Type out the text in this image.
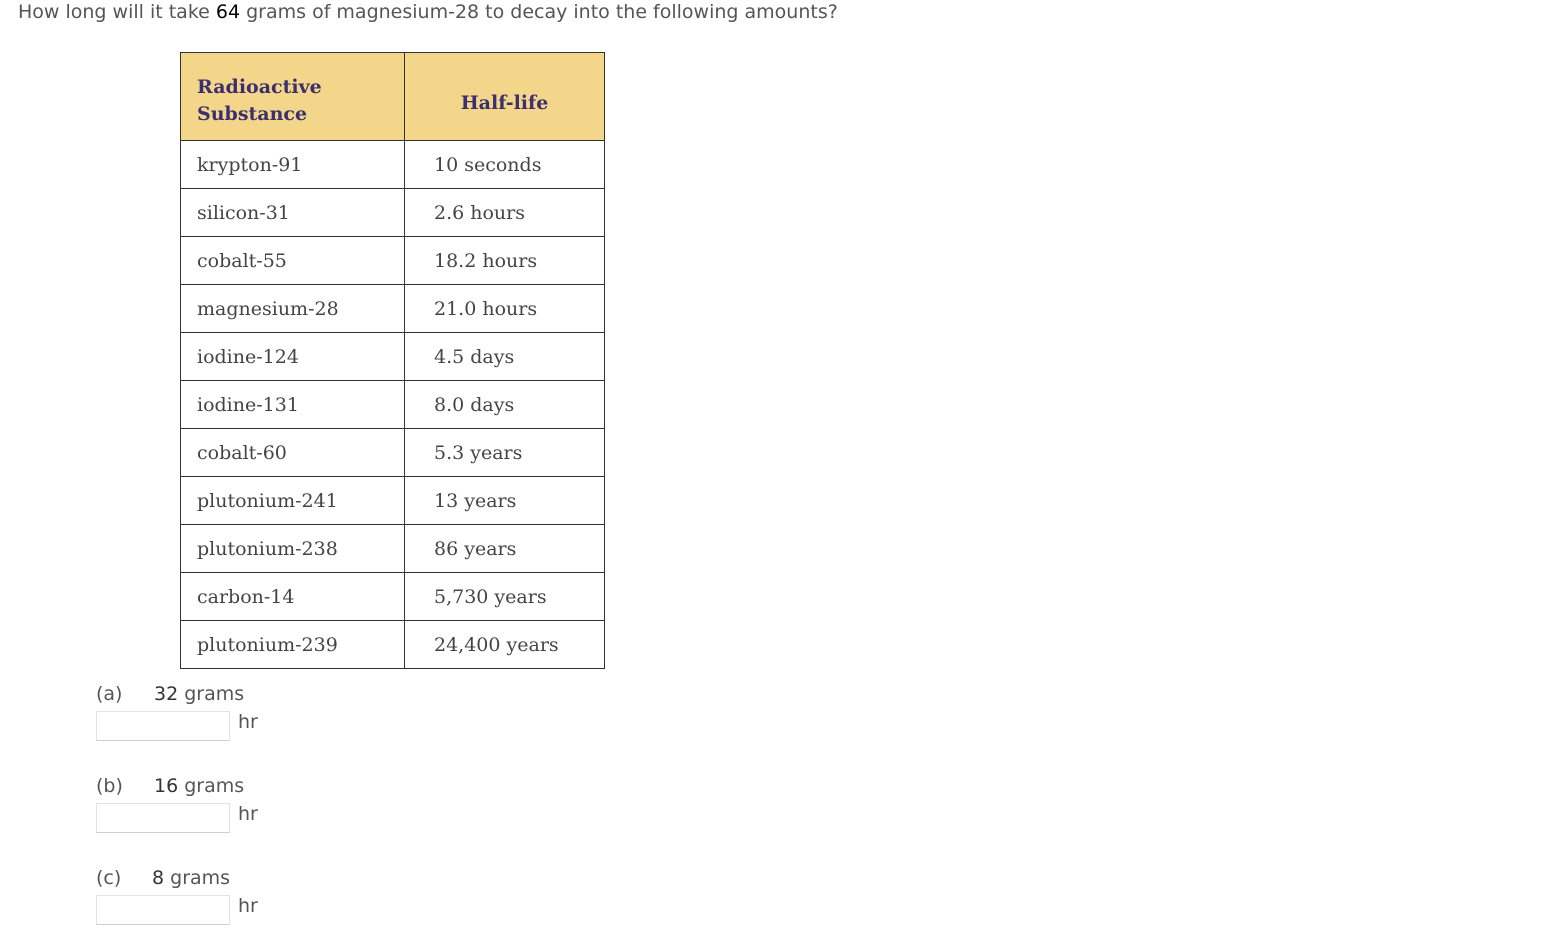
How long will it take 64 grams of magnesium-28 to decay into the following amounts?
Radioactive
Substance	Half-life
krypton-91	10 seconds
silicon-31	2.6 hours
cobalt-55	18.2 hours
magnesium-28	21.0 hours
iodine-124	4.5 days
iodine-131	8.0 days
cobalt-60	5.3 years
plutonium-241	13 years
plutonium-238	86 years
carbon-14	5,730 years
plutonium-239	24,400 years
(a) 32 grams
hr
(b) 16 grams
hr
(c) 8 grams
hr
